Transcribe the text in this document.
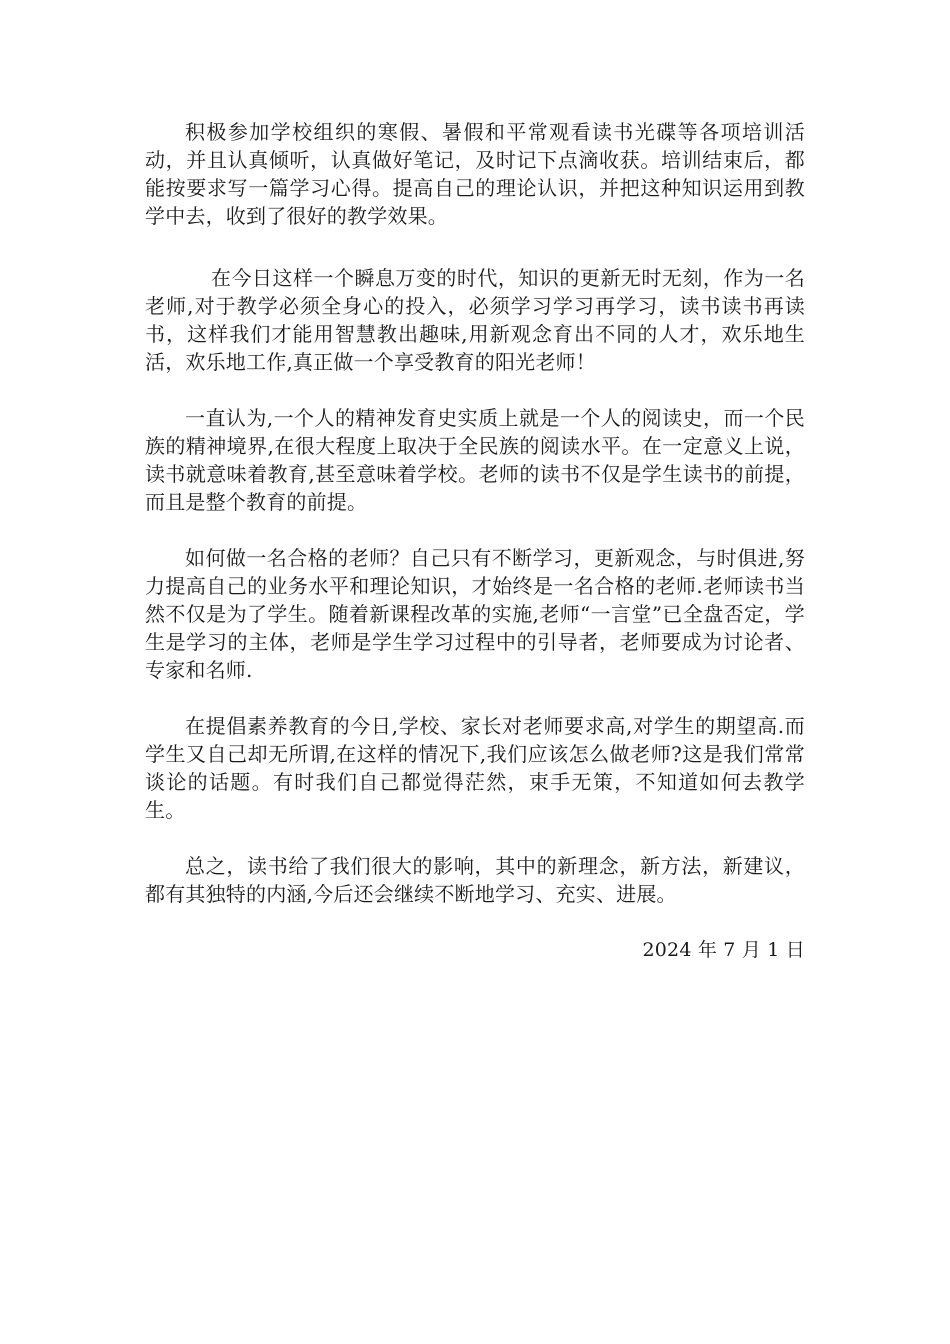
积极参加学校组织的寒假、暑假和平常观看读书光碟等各项培训活动，并且认真倾听，认真做好笔记，及时记下点滴收获。培训结束后，都能按要求写一篇学习心得。提高自己的理论认识，并把这种知识运用到教学中去，收到了很好的教学效果。

在今日这样一个瞬息万变的时代，知识的更新无时无刻，作为一名老师,对于教学必须全身心的投入，必须学习学习再学习，读书读书再读书，这样我们才能用智慧教出趣味,用新观念育出不同的人才，欢乐地生活，欢乐地工作,真正做一个享受教育的阳光老师！

一直认为,一个人的精神发育史实质上就是一个人的阅读史，而一个民族的精神境界,在很大程度上取决于全民族的阅读水平。在一定意义上说，读书就意味着教育,甚至意味着学校。老师的读书不仅是学生读书的前提，而且是整个教育的前提。

如何做一名合格的老师？自己只有不断学习，更新观念，与时俱进,努力提高自己的业务水平和理论知识，才始终是一名合格的老师.老师读书当然不仅是为了学生。随着新课程改革的实施,老师“一言堂”已全盘否定，学生是学习的主体，老师是学生学习过程中的引导者，老师要成为讨论者、专家和名师.

在提倡素养教育的今日,学校、家长对老师要求高,对学生的期望高.而学生又自己却无所谓,在这样的情况下,我们应该怎么做老师?这是我们常常谈论的话题。有时我们自己都觉得茫然，束手无策，不知道如何去教学生。

总之，读书给了我们很大的影响，其中的新理念，新方法，新建议，都有其独特的内涵,今后还会继续不断地学习、充实、进展。

2024 年 7 月 1 日
